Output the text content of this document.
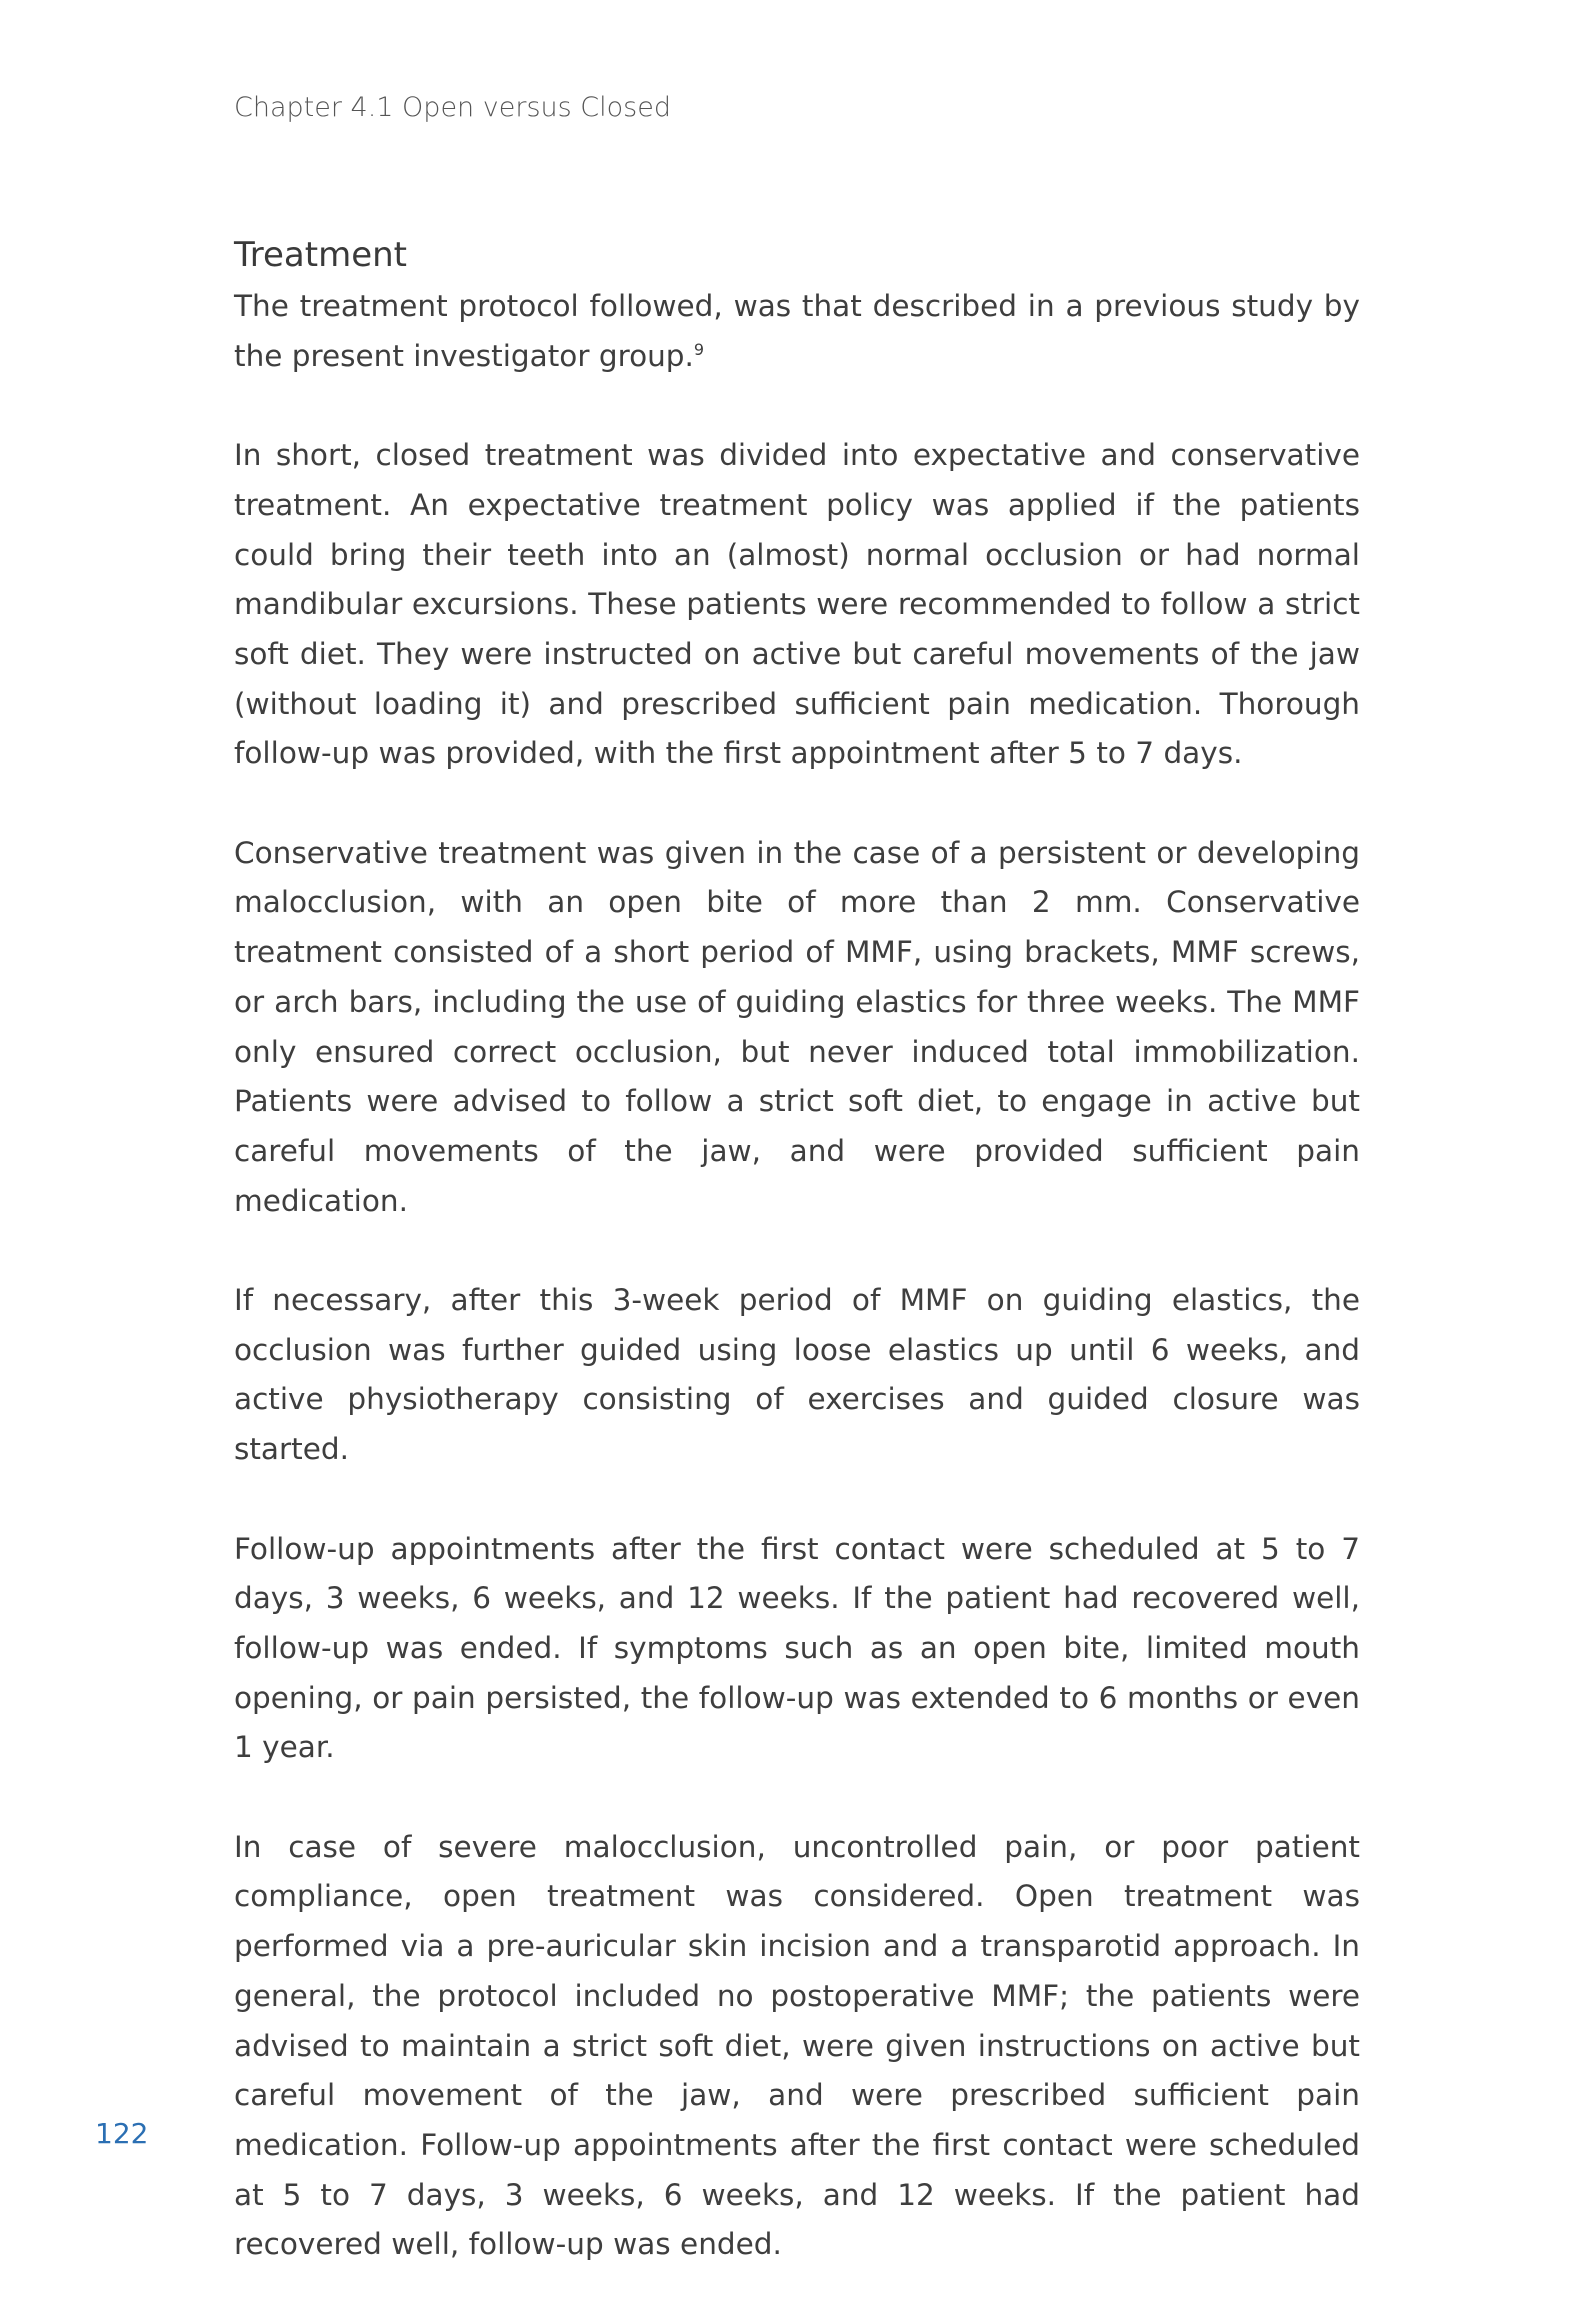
Chapter 4.1 Open versus Closed

Treatment

The treatment protocol followed, was that described in a previous study by the present investigator group.$^9$

In short, closed treatment was divided into expectative and conservative treatment. An expectative treatment policy was applied if the patients could bring their teeth into an (almost) normal occlusion or had normal mandibular excursions. These patients were recommended to follow a strict soft diet. They were instructed on active but careful movements of the jaw (without loading it) and prescribed sufficient pain medication. Thorough follow-up was provided, with the first appointment after 5 to 7 days.

Conservative treatment was given in the case of a persistent or developing malocclusion, with an open bite of more than 2 mm. Conservative treatment consisted of a short period of MMF, using brackets, MMF screws, or arch bars, including the use of guiding elastics for three weeks. The MMF only ensured correct occlusion, but never induced total immobilization. Patients were advised to follow a strict soft diet, to engage in active but careful movements of the jaw, and were provided sufficient pain medication.

If necessary, after this 3-week period of MMF on guiding elastics, the occlusion was further guided using loose elastics up until 6 weeks, and active physiotherapy consisting of exercises and guided closure was started.

Follow-up appointments after the first contact were scheduled at 5 to 7 days, 3 weeks, 6 weeks, and 12 weeks. If the patient had recovered well, follow-up was ended. If symptoms such as an open bite, limited mouth opening, or pain persisted, the follow-up was extended to 6 months or even 1 year.

In case of severe malocclusion, uncontrolled pain, or poor patient compliance, open treatment was considered. Open treatment was performed via a pre-auricular skin incision and a transparotid approach. In general, the protocol included no postoperative MMF; the patients were advised to maintain a strict soft diet, were given instructions on active but careful movement of the jaw, and were prescribed sufficient pain medication. Follow-up appointments after the first contact were scheduled at 5 to 7 days, 3 weeks, 6 weeks, and 12 weeks. If the patient had recovered well, follow-up was ended.

122
